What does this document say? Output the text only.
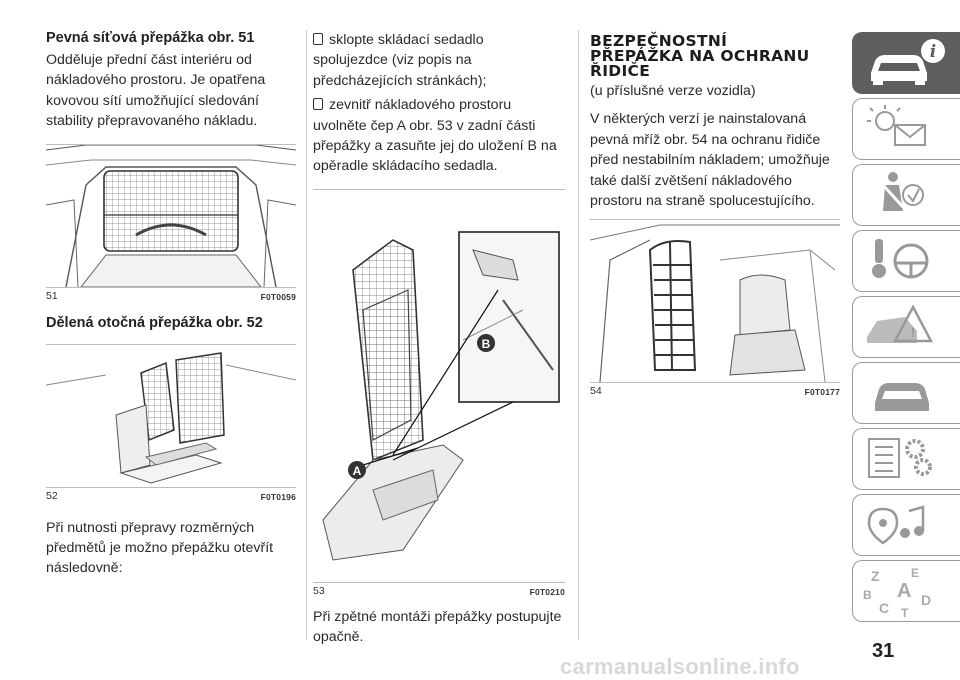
Pevná síťová přepážka obr. 51

Odděluje přední část interiéru od
nákladového prostoru. Je opatřena
kovovou sítí umožňující sledování
stability přepravovaného nákladu.

51	F0T0059
Dělená otočná přepážka obr. 52
52	F0T0196

Při nutnosti přepravy rozměrných
předmětů je možno přepážku otevřít
následovně:

sklopte skládací sedadlo
spolujezdce (viz popis na
předcházejících stránkách);

zevnitř nákladového prostoru
uvolněte čep A obr. 53 v zadní části
přepážky a zasuňte jej do uložení B na
opěradle skládacího sedadla.

B
A
53	F0T0210

Při zpětné montáži přepážky postupujte
opačně.

BEZPEČNOSTNÍ
PŘEPÁŽKA NA OCHRANU
ŘIDIČE

(u příslušné verze vozidla)

V některých verzí je nainstalovaná
pevná mříž obr. 54 na ochranu řidiče
před nestabilním nákladem; umožňuje
také další zvětšení nákladového
prostoru na straně spolucestujícího.

54	F0T0177
i
!
Z	E
B A
C D
T
31
carmanualsonline.info
